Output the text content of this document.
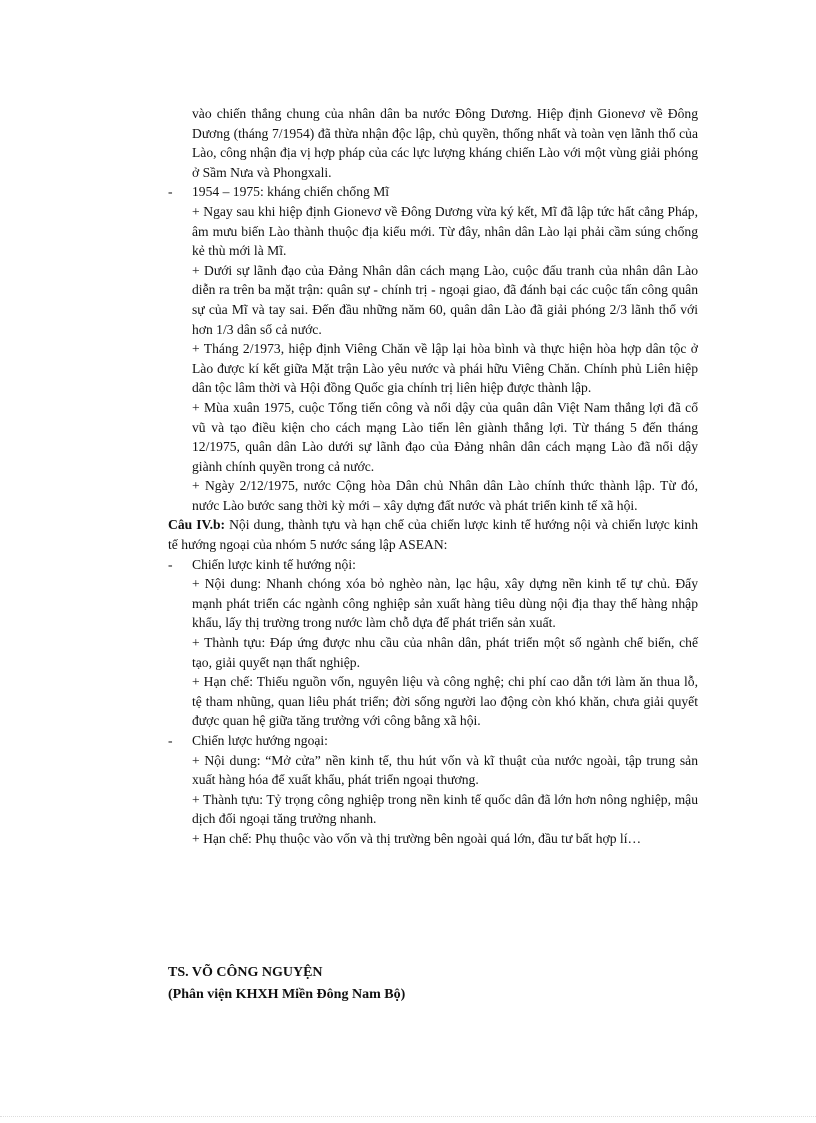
vào chiến thắng chung của nhân dân ba nước Đông Dương. Hiệp định Gionevơ về Đông Dương (tháng 7/1954) đã thừa nhận độc lập, chủ quyền, thống nhất và toàn vẹn lãnh thổ của Lào, công nhận địa vị hợp pháp của các lực lượng kháng chiến Lào với một vùng giải phóng ở Sầm Nưa và Phongxali.

- 1954 – 1975: kháng chiến chống Mĩ

+ Ngay sau khi hiệp định Gionevơ về Đông Dương vừa ký kết, Mĩ đã lập tức hất cẳng Pháp, âm mưu biến Lào thành thuộc địa kiểu mới. Từ đây, nhân dân Lào lại phải cầm súng chống kẻ thù mới là Mĩ.

+ Dưới sự lãnh đạo của Đảng Nhân dân cách mạng Lào, cuộc đấu tranh của nhân dân Lào diễn ra trên ba mặt trận: quân sự - chính trị - ngoại giao, đã đánh bại các cuộc tấn công quân sự của Mĩ và tay sai. Đến đầu những năm 60, quân dân Lào đã giải phóng 2/3 lãnh thổ với hơn 1/3 dân số cả nước.

+ Tháng 2/1973, hiệp định Viêng Chăn về lập lại hòa bình và thực hiện hòa hợp dân tộc ở Lào được kí kết giữa Mặt trận Lào yêu nước và phái hữu Viêng Chăn. Chính phủ Liên hiệp dân tộc lâm thời và Hội đồng Quốc gia chính trị liên hiệp được thành lập.

+ Mùa xuân 1975, cuộc Tổng tiến công và nổi dậy của quân dân Việt Nam thắng lợi đã cổ vũ và tạo điều kiện cho cách mạng Lào tiến lên giành thắng lợi. Từ tháng 5 đến tháng 12/1975, quân dân Lào dưới sự lãnh đạo của Đảng nhân dân cách mạng Lào đã nổi dậy giành chính quyền trong cả nước.

+ Ngày 2/12/1975, nước Cộng hòa Dân chủ Nhân dân Lào chính thức thành lập. Từ đó, nước Lào bước sang thời kỳ mới – xây dựng đất nước và phát triển kinh tế xã hội.

Câu IV.b: Nội dung, thành tựu và hạn chế của chiến lược kinh tế hướng nội và chiến lược kinh tế hướng ngoại của nhóm 5 nước sáng lập ASEAN:

- Chiến lược kinh tế hướng nội:

+ Nội dung: Nhanh chóng xóa bỏ nghèo nàn, lạc hậu, xây dựng nền kinh tế tự chủ. Đẩy mạnh phát triển các ngành công nghiệp sản xuất hàng tiêu dùng nội địa thay thế hàng nhập khẩu, lấy thị trường trong nước làm chỗ dựa để phát triển sản xuất.

+ Thành tựu: Đáp ứng được nhu cầu của nhân dân, phát triển một số ngành chế biến, chế tạo, giải quyết nạn thất nghiệp.

+ Hạn chế: Thiếu nguồn vốn, nguyên liệu và công nghệ; chi phí cao dẫn tới làm ăn thua lỗ, tệ tham nhũng, quan liêu phát triển; đời sống người lao động còn khó khăn, chưa giải quyết được quan hệ giữa tăng trưởng với công bằng xã hội.

- Chiến lược hướng ngoại:

+ Nội dung: “Mở cửa” nền kinh tế, thu hút vốn và kĩ thuật của nước ngoài, tập trung sản xuất hàng hóa để xuất khẩu, phát triển ngoại thương.

+ Thành tựu: Tỷ trọng công nghiệp trong nền kinh tế quốc dân đã lớn hơn nông nghiệp, mậu dịch đối ngoại tăng trưởng nhanh.

+ Hạn chế: Phụ thuộc vào vốn và thị trường bên ngoài quá lớn, đầu tư bất hợp lí…

TS. VÕ CÔNG NGUYỆN

(Phân viện KHXH Miền Đông Nam Bộ)
